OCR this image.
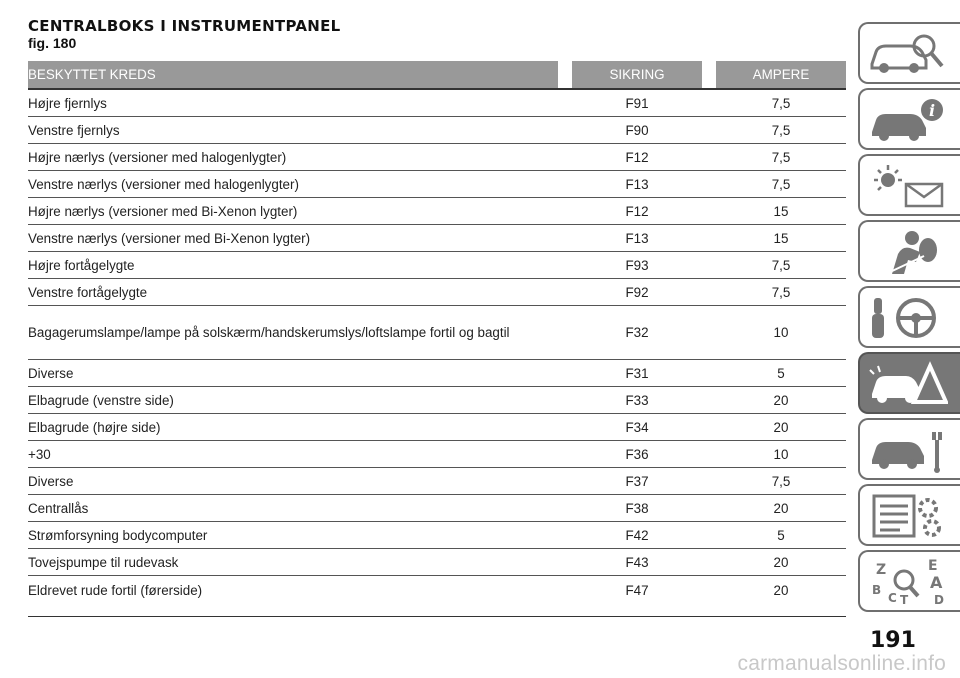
CENTRALBOKS I INSTRUMENTPANEL
fig. 180
BESKYTTET KREDS		SIKRING		AMPERE
Højre fjernlys		F91		7,5
Venstre fjernlys		F90		7,5
Højre nærlys (versioner med halogenlygter)		F12		7,5
Venstre nærlys (versioner med halogenlygter)		F13		7,5
Højre nærlys (versioner med Bi-Xenon lygter)		F12		15
Venstre nærlys (versioner med Bi-Xenon lygter)		F13		15
Højre fortågelygte		F93		7,5
Venstre fortågelygte		F92		7,5
Bagagerumslampe/lampe på solskærm/handskerumslys/loftslampe fortil og bagtil		F32		10
Diverse		F31		5
Elbagrude (venstre side)		F33		20
Elbagrude (højre side)		F34		20
+30		F36		10
Diverse		F37		7,5
Centrallås		F38		20
Strømforsyning bodycomputer		F42		5
Tovejspumpe til rudevask		F43		20
Eldrevet rude fortil (førerside)		F47		20
i
Z	E
B	A
C T D
191
carmanualsonline.info
